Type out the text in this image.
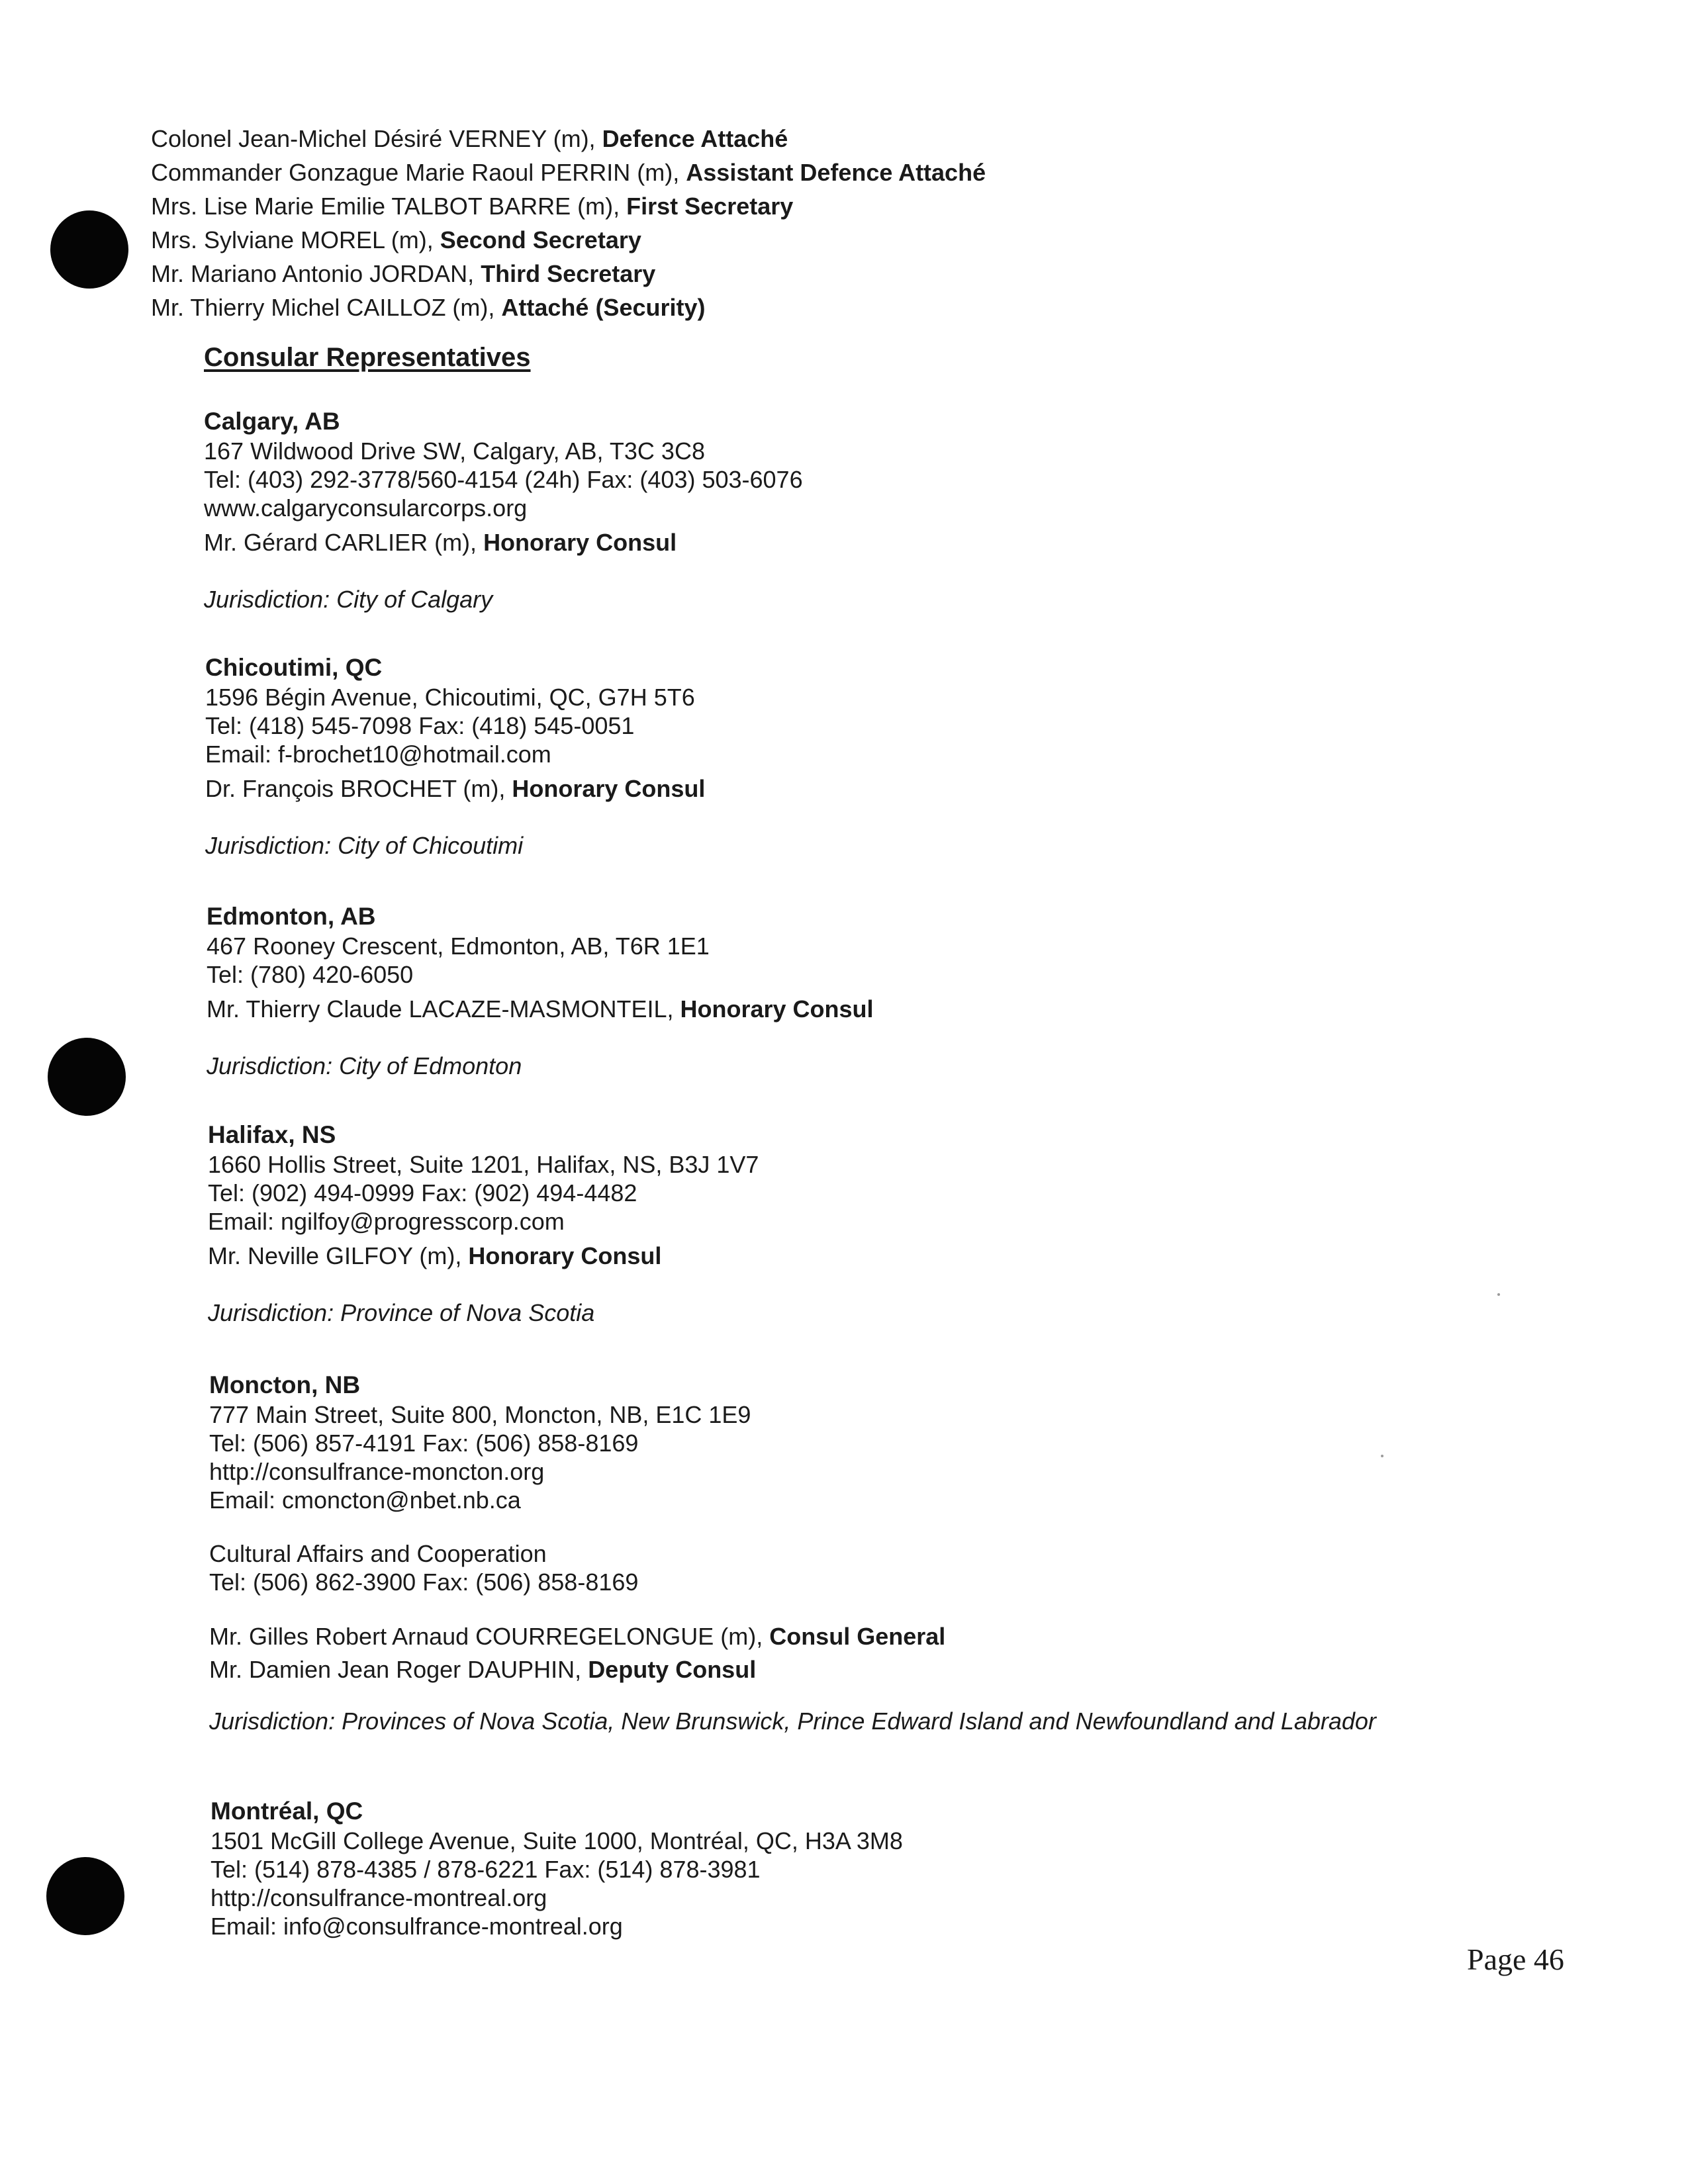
Colonel Jean-Michel Désiré VERNEY (m), Defence Attaché
Commander Gonzague Marie Raoul PERRIN (m), Assistant Defence Attaché
Mrs. Lise Marie Emilie TALBOT BARRE (m), First Secretary
Mrs. Sylviane MOREL (m), Second Secretary
Mr. Mariano Antonio JORDAN, Third Secretary
Mr. Thierry Michel CAILLOZ (m), Attaché (Security)
Consular Representatives
Calgary, AB
167 Wildwood Drive SW, Calgary, AB, T3C 3C8
Tel: (403) 292-3778/560-4154 (24h) Fax: (403) 503-6076
www.calgaryconsularcorps.org
Mr. Gérard CARLIER (m), Honorary Consul
Jurisdiction: City of Calgary
Chicoutimi, QC
1596 Bégin Avenue, Chicoutimi, QC, G7H 5T6
Tel: (418) 545-7098 Fax: (418) 545-0051
Email: f-brochet10@hotmail.com
Dr. François BROCHET (m), Honorary Consul
Jurisdiction: City of Chicoutimi
Edmonton, AB
467 Rooney Crescent, Edmonton, AB, T6R 1E1
Tel: (780) 420-6050
Mr. Thierry Claude LACAZE-MASMONTEIL, Honorary Consul
Jurisdiction: City of Edmonton
Halifax, NS
1660 Hollis Street, Suite 1201, Halifax, NS, B3J 1V7
Tel: (902) 494-0999 Fax: (902) 494-4482
Email: ngilfoy@progresscorp.com
Mr. Neville GILFOY (m), Honorary Consul
Jurisdiction: Province of Nova Scotia
Moncton, NB
777 Main Street, Suite 800, Moncton, NB, E1C 1E9
Tel: (506) 857-4191 Fax: (506) 858-8169
http://consulfrance-moncton.org
Email: cmoncton@nbet.nb.ca
Cultural Affairs and Cooperation
Tel: (506) 862-3900 Fax: (506) 858-8169
Mr. Gilles Robert Arnaud COURREGELONGUE (m), Consul General
Mr. Damien Jean Roger DAUPHIN, Deputy Consul
Jurisdiction: Provinces of Nova Scotia, New Brunswick, Prince Edward Island and Newfoundland and Labrador
Montréal, QC
1501 McGill College Avenue, Suite 1000, Montréal, QC, H3A 3M8
Tel: (514) 878-4385 / 878-6221 Fax: (514) 878-3981
http://consulfrance-montreal.org
Email: info@consulfrance-montreal.org
Page 46
